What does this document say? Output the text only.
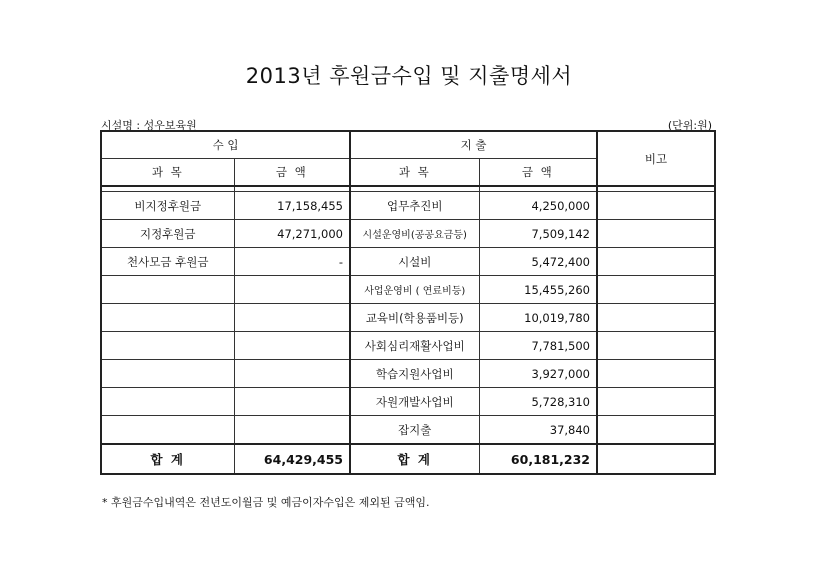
2013년 후원금수입 및 지출명세서
시설명 : 성우보육원	(단위:원)
수 입		지 출		비고
과 목	금 액	과 목	금 액	

비지정후원금	17,158,455	업무추진비	4,250,000	
지정후원금	47,271,000	시설운영비(공공요금등)	7,509,142	
천사모금 후원금	-	시설비	5,472,400	
		사업운영비 ( 연료비등)	15,455,260	
		교육비(학용품비등)	10,019,780	
		사회심리재활사업비	7,781,500	
		학습지원사업비	3,927,000	
		자원개발사업비	5,728,310	
		잡지출	37,840	
합 계	64,429,455	합 계	60,181,232	
* 후원금수입내역은 전년도이월금 및 예금이자수입은 제외된 금액임.
